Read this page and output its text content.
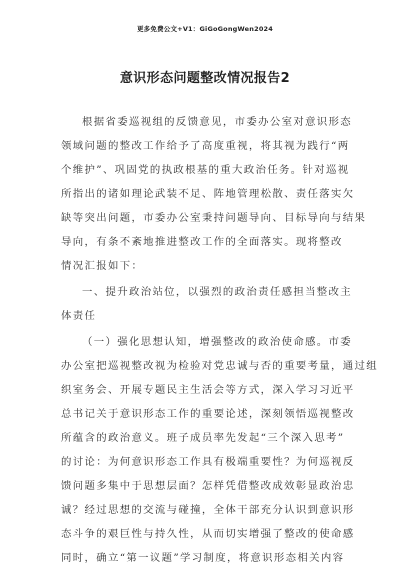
更多免费公文+V1：GiGoGongWen2024
意识形态问题整改情况报告2
根据省委巡视组的反馈意见，市委办公室对意识形态
领域问题的整改工作给予了高度重视，将其视为践行“两
个维护”、巩固党的执政根基的重大政治任务。针对巡视
所指出的诸如理论武装不足、阵地管理松散、责任落实欠
缺等突出问题，市委办公室秉持问题导向、目标导向与结果
导向，有条不紊地推进整改工作的全面落实。现将整改
情况汇报如下：
一、提升政治站位，以强烈的政治责任感担当整改主
体责任
（一）强化思想认知，增强整改的政治使命感。市委
办公室把巡视整改视为检验对党忠诚与否的重要考量，通过组
织室务会、开展专题民主生活会等方式，深入学习习近平
总书记关于意识形态工作的重要论述，深刻领悟巡视整改
所蕴含的政治意义。班子成员率先发起“三个深入思考”
的讨论：为何意识形态工作具有极端重要性？为何巡视反
馈问题多集中于思想层面？怎样凭借整改成效彰显政治忠
诚？经过思想的交流与碰撞，全体干部充分认识到意识形
态斗争的艰巨性与持久性，从而切实增强了整改的使命感
同时，确立“第一议题”学习制度，将意识形态相关内容
